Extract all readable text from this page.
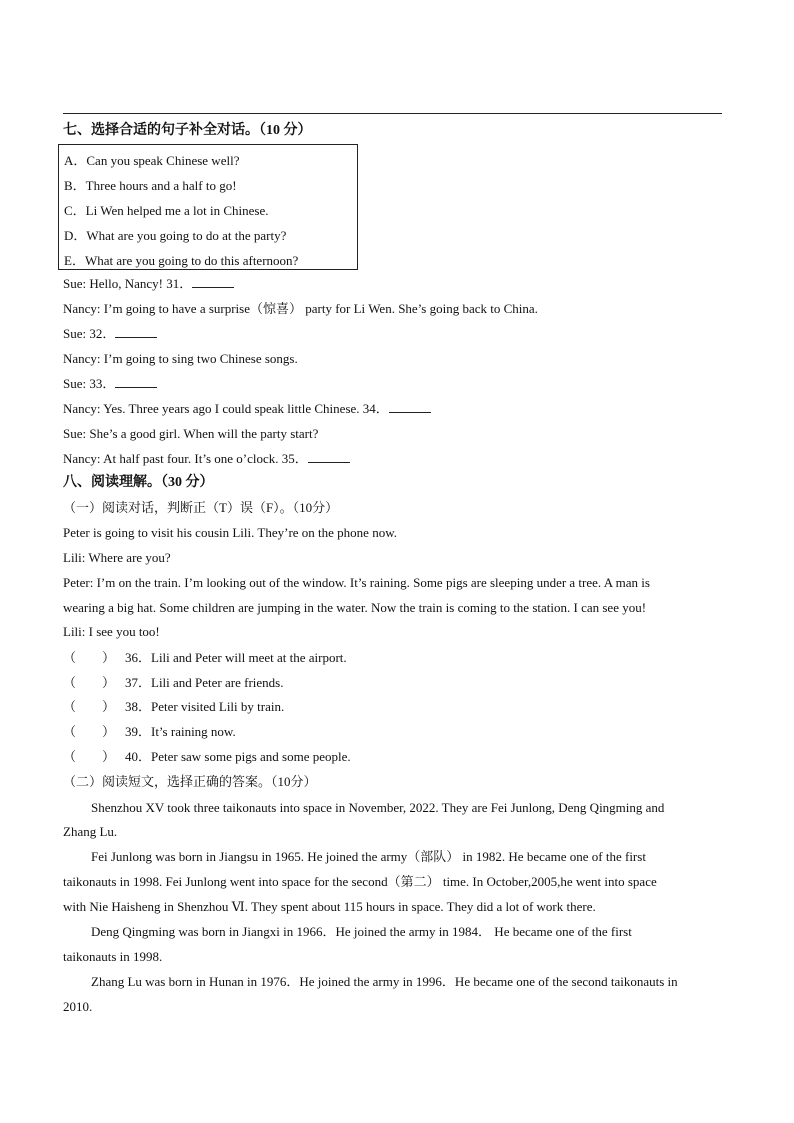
七、选择合适的句子补全对话。（10 分）
A．Can you speak Chinese well?
B．Three hours and a half to go!
C．Li Wen helped me a lot in Chinese.
D．What are you going to do at the party?
E．What are you going to do this afternoon?
Sue: Hello, Nancy! 31．
Nancy: I’m going to have a surprise（惊喜） party for Li Wen. She’s going back to China.
Sue: 32．
Nancy: I’m going to sing two Chinese songs.
Sue: 33．
Nancy: Yes. Three years ago I could speak little Chinese. 34．
Sue: She’s a good girl. When will the party start?
Nancy: At half past four. It’s one o’clock. 35．
八、阅读理解。（30 分）
（一）阅读对话，判断正（T）误（F）。（10分）
Peter is going to visit his cousin Lili. They’re on the phone now.
Lili: Where are you?
Peter: I’m on the train. I’m looking out of the window. It’s raining. Some pigs are sleeping under a tree. A man is
wearing a big hat. Some children are jumping in the water. Now the train is coming to the station. I can see you!
Lili: I see you too!
（　　） 36．Lili and Peter will meet at the airport.
（　　） 37．Lili and Peter are friends.
（　　） 38．Peter visited Lili by train.
（　　） 39．It’s raining now.
（　　） 40．Peter saw some pigs and some people.
（二）阅读短文，选择正确的答案。（10分）
Shenzhou XV took three taikonauts into space in November, 2022. They are Fei Junlong, Deng Qingming and
Zhang Lu.
Fei Junlong was born in Jiangsu in 1965. He joined the army（部队） in 1982. He became one of the first
taikonauts in 1998. Fei Junlong went into space for the second（第二） time. In October,2005,he went into space
with Nie Haisheng in Shenzhou Ⅵ. They spent about 115 hours in space. They did a lot of work there.
Deng Qingming was born in Jiangxi in 1966．He joined the army in 1984． He became one of the first
taikonauts in 1998.
Zhang Lu was born in Hunan in 1976．He joined the army in 1996．He became one of the second taikonauts in
2010.
